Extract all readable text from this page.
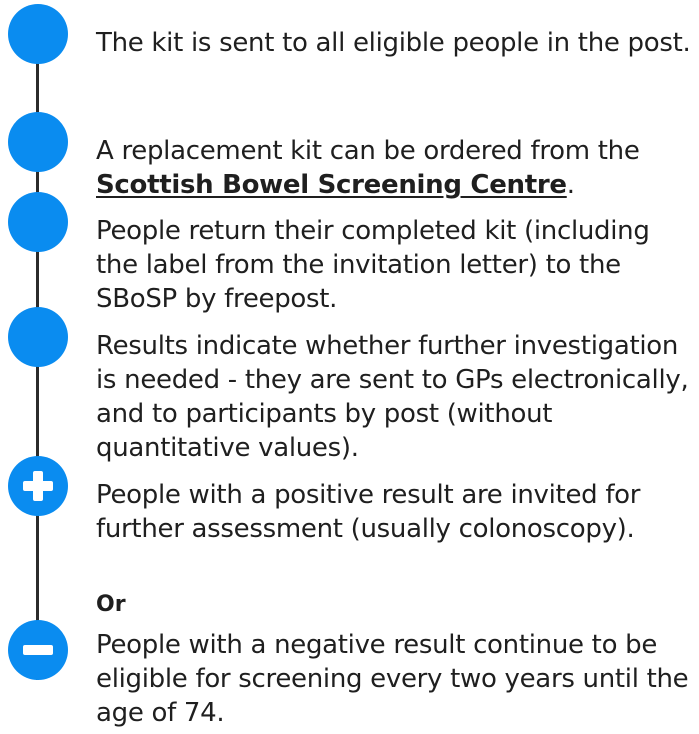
The kit is sent to all eligible people in the post.
A replacement kit can be ordered from the Scottish Bowel Screening Centre.
People return their completed kit (including the label from the invitation letter) to the SBoSP by freepost.
Results indicate whether further investigation is needed - they are sent to GPs electronically, and to participants by post (without quantitative values).
People with a positive result are invited for further assessment (usually colonoscopy).
Or
People with a negative result continue to be eligible for screening every two years until the age of 74.
